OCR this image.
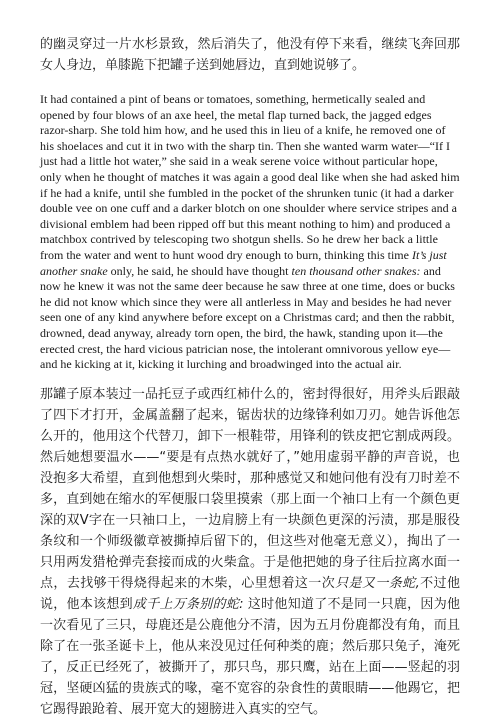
的幽灵穿过一片水杉景致，然后消失了，他没有停下来看，继续飞奔回那女人身边，单膝跪下把罐子送到她唇边，直到她说够了。

It had contained a pint of beans or tomatoes, something, hermetically sealed and opened by four blows of an axe heel, the metal flap turned back, the jagged edges razor-sharp. She told him how, and he used this in lieu of a knife, he removed one of his shoelaces and cut it in two with the sharp tin. Then she wanted warm water—“If I just had a little hot water,” she said in a weak serene voice without particular hope, only when he thought of matches it was again a good deal like when she had asked him if he had a knife, until she fumbled in the pocket of the shrunken tunic (it had a darker double vee on one cuff and a darker blotch on one shoulder where service stripes and a divisional emblem had been ripped off but this meant nothing to him) and produced a matchbox contrived by telescoping two shotgun shells. So he drew her back a little from the water and went to hunt wood dry enough to burn, thinking this time It’s just another snake only, he said, he should have thought ten thousand other snakes: and now he knew it was not the same deer because he saw three at one time, does or bucks he did not know which since they were all antlerless in May and besides he had never seen one of any kind anywhere before except on a Christmas card; and then the rabbit, drowned, dead anyway, already torn open, the bird, the hawk, standing upon it—the erected crest, the hard vicious patrician nose, the intolerant omnivorous yellow eye—and he kicking at it, kicking it lurching and broadwinged into the actual air.

那罐子原本装过一品托豆子或西红柿什么的，密封得很好，用斧头后跟敲了四下才打开，金属盖翻了起来，锯齿状的边缘锋利如刀刃。她告诉他怎么开的，他用这个代替刀，卸下一根鞋带，用锋利的铁皮把它割成两段。然后她想要温水——“要是有点热水就好了，”她用虚弱平静的声音说，也没抱多大希望，直到他想到火柴时，那种感觉又和她问他有没有刀时差不多，直到她在缩水的军便服口袋里摸索（那上面一个袖口上有一个颜色更深的双V字在一只袖口上，一边肩膀上有一块颜色更深的污渍，那是服役条纹和一个师级徽章被撕掉后留下的，但这些对他毫无意义），掏出了一只用两发猎枪弹壳套接而成的火柴盒。于是他把她的身子往后拉离水面一点，去找够干得烧得起来的木柴，心里想着这一次只是又一条蛇,不过他说，他本该想到成千上万条别的蛇: 这时他知道了不是同一只鹿，因为他一次看见了三只，母鹿还是公鹿他分不清，因为五月份鹿都没有角，而且除了在一张圣诞卡上，他从来没见过任何种类的鹿；然后那只兔子，淹死了，反正已经死了，被撕开了，那只鸟，那只鹰，站在上面——竖起的羽冠，坚硬凶猛的贵族式的喙，毫不宽容的杂食性的黄眼睛——他踢它，把它踢得踉跄着、展开宽大的翅膀进入真实的空气。
